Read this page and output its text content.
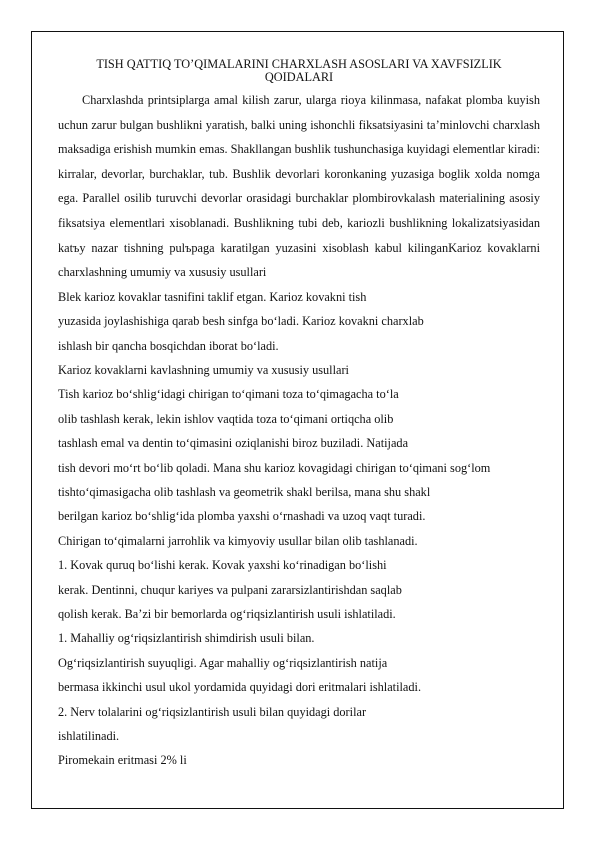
TISH QATTIQ TO’QIMALARINI CHARXLASH ASOSLARI VA XAVFSIZLIK
QOIDALARI

Charxlashda printsiplarga amal kilish zarur, ularga rioya kilinmasa, nafakat plomba kuyish uchun zarur bulgan bushlikni yaratish, balki uning ishonchli fiksatsiyasini ta’minlovchi charxlash maksadiga erishish mumkin emas. Shakllangan bushlik tushunchasiga kuyidagi elementlar kiradi: kirralar, devorlar, burchaklar, tub. Bushlik devorlari koronkaning yuzasiga boglik xolda nomga ega. Parallel osilib turuvchi devorlar orasidagi burchaklar plombirovkalash materialining asosiy fiksatsiya elementlari xisoblanadi. Bushlikning tubi deb, kariozli bushlikning lokalizatsiyasidan katъy nazar tishning pulъpaga karatilgan yuzasini xisoblash kabul kilinganKarioz kovaklarni charxlashning umumiy va xususiy usullari

Blek karioz kovaklar tasnifini taklif etgan. Karioz kovakni tish

yuzasida joylashishiga qarab besh sinfga bo‘ladi. Karioz kovakni charxlab

ishlash bir qancha bosqichdan iborat bo‘ladi.

Karioz kovaklarni kavlashning umumiy va xususiy usullari

Tish karioz bo‘shlig‘idagi chirigan to‘qimani toza to‘qimagacha to‘la

olib tashlash kerak, lekin ishlov vaqtida toza to‘qimani ortiqcha olib

tashlash emal va dentin to‘qimasini oziqlanishi biroz buziladi. Natijada

tish devori mo‘rt bo‘lib qoladi. Mana shu karioz kovagidagi chirigan to‘qimani sog‘lom

tishto‘qimasigacha olib tashlash va geometrik shakl berilsa, mana shu shakl

berilgan karioz bo‘shlig‘ida plomba yaxshi o‘rnashadi va uzoq vaqt turadi.

Chirigan to‘qimalarni jarrohlik va kimyoviy usullar bilan olib tashlanadi.

1. Kovak quruq bo‘lishi kerak. Kovak yaxshi ko‘rinadigan bo‘lishi

kerak. Dentinni, chuqur kariyes va pulpani zararsizlantirishdan saqlab

qolish kerak. Ba’zi bir bemorlarda og‘riqsizlantirish usuli ishlatiladi.

1. Mahalliy og‘riqsizlantirish shimdirish usuli bilan.

Og‘riqsizlantirish suyuqligi. Agar mahalliy og‘riqsizlantirish natija

bermasa ikkinchi usul ukol yordamida quyidagi dori eritmalari ishlatiladi.

2. Nerv tolalarini og‘riqsizlantirish usuli bilan quyidagi dorilar

ishlatilinadi.

Piromekain eritmasi 2% li
